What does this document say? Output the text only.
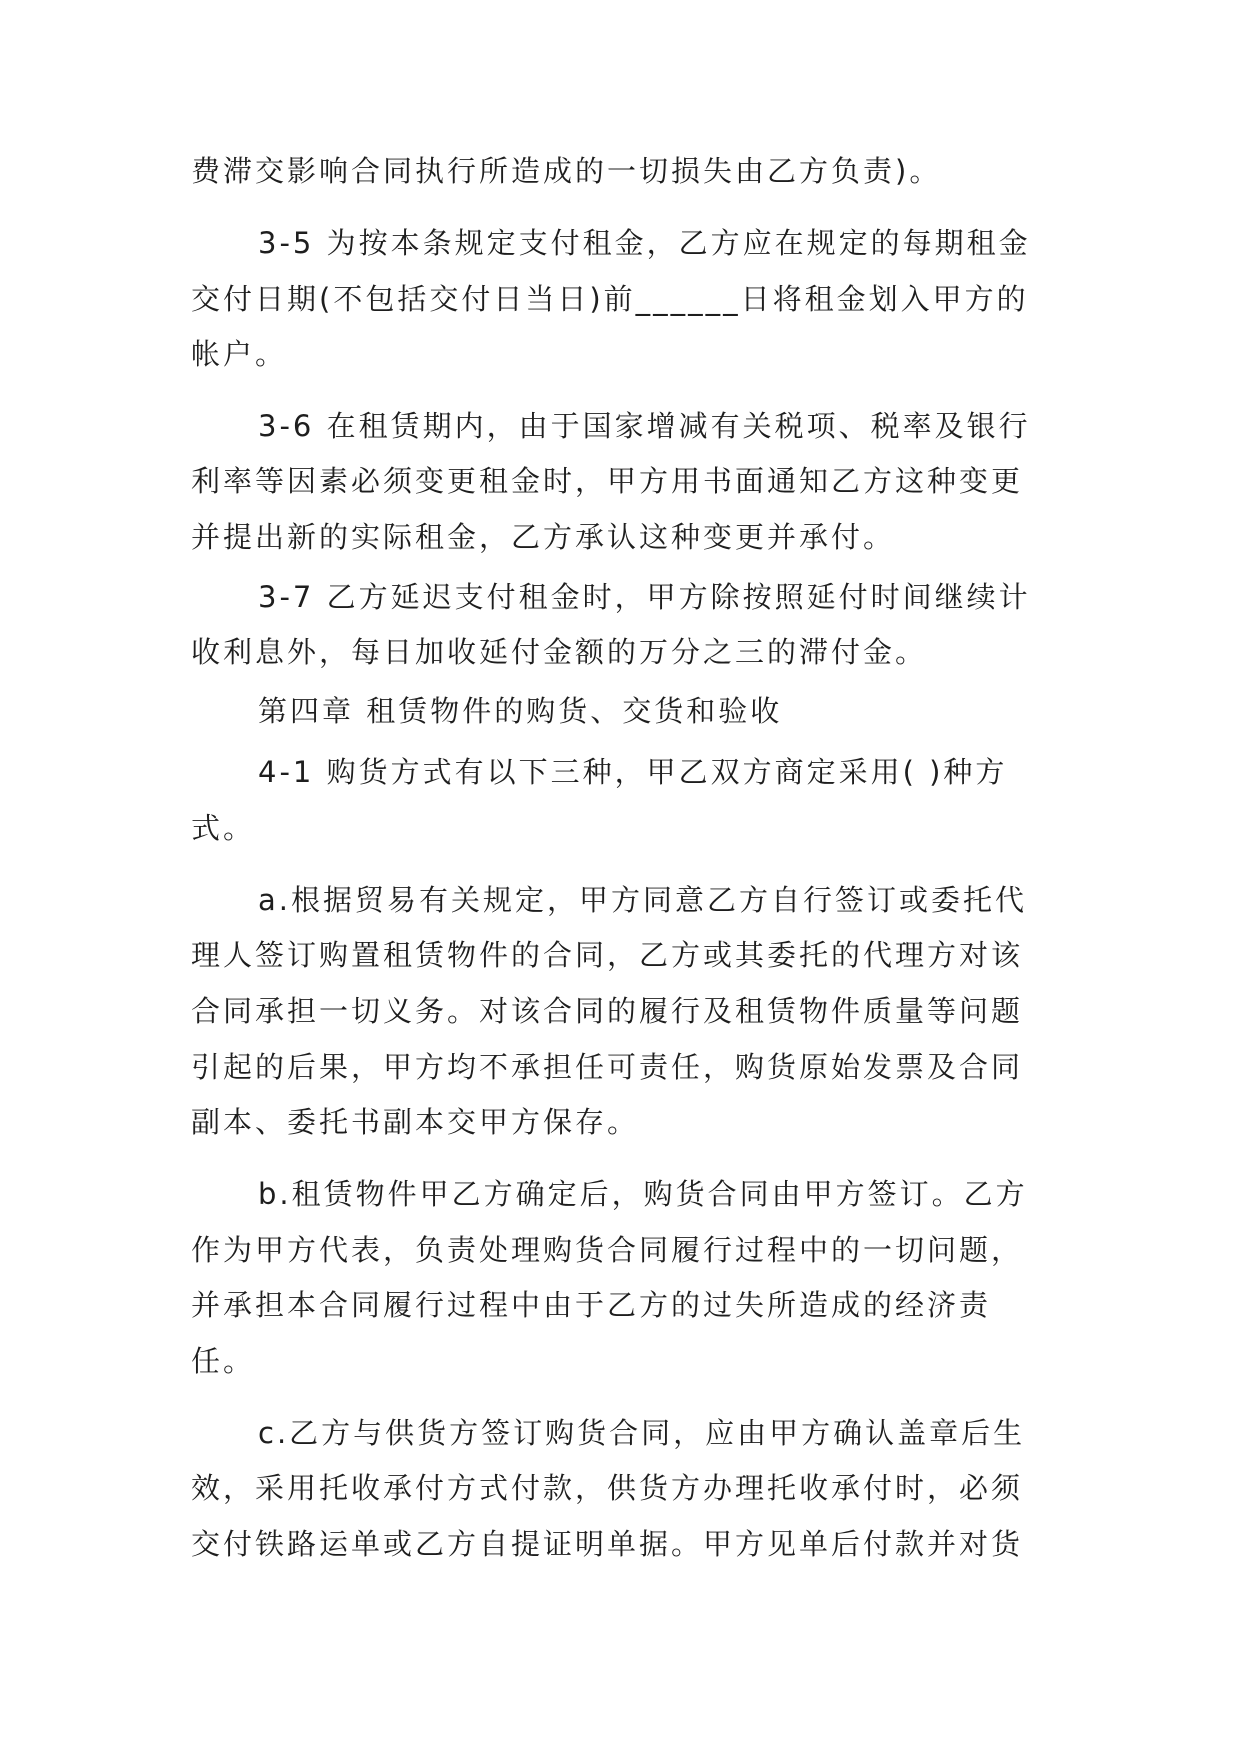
费滞交影响合同执行所造成的一切损失由乙方负责)。
3-5 为按本条规定支付租金，乙方应在规定的每期租金
交付日期(不包括交付日当日)前______日将租金划入甲方的
帐户。
3-6 在租赁期内，由于国家增减有关税项、税率及银行
利率等因素必须变更租金时，甲方用书面通知乙方这种变更
并提出新的实际租金，乙方承认这种变更并承付。
3-7 乙方延迟支付租金时，甲方除按照延付时间继续计
收利息外，每日加收延付金额的万分之三的滞付金。
第四章 租赁物件的购货、交货和验收
4-1 购货方式有以下三种，甲乙双方商定采用( )种方
式。
a.根据贸易有关规定，甲方同意乙方自行签订或委托代
理人签订购置租赁物件的合同，乙方或其委托的代理方对该
合同承担一切义务。对该合同的履行及租赁物件质量等问题
引起的后果，甲方均不承担任可责任，购货原始发票及合同
副本、委托书副本交甲方保存。
b.租赁物件甲乙方确定后，购货合同由甲方签订。乙方
作为甲方代表，负责处理购货合同履行过程中的一切问题，
并承担本合同履行过程中由于乙方的过失所造成的经济责
任。
c.乙方与供货方签订购货合同，应由甲方确认盖章后生
效，采用托收承付方式付款，供货方办理托收承付时，必须
交付铁路运单或乙方自提证明单据。甲方见单后付款并对货
